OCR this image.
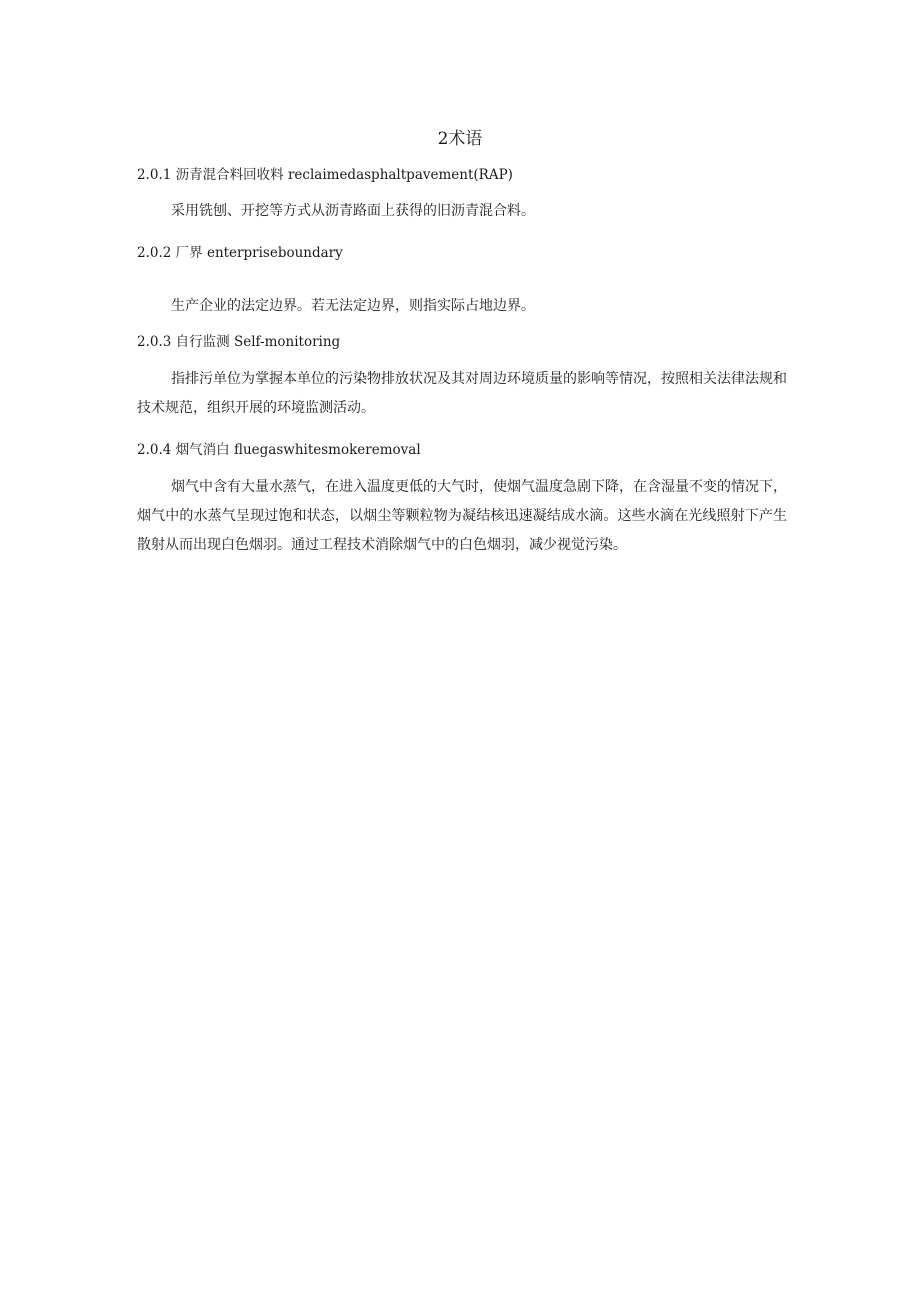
2术语
2.0.1 沥青混合料回收料 reclaimedasphaltpavement(RAP)

采用铣刨、开挖等方式从沥青路面上获得的旧沥青混合料。

2.0.2 厂界 enterpriseboundary

生产企业的法定边界。若无法定边界，则指实际占地边界。

2.0.3 自行监测 Self-monitoring

指排污单位为掌握本单位的污染物排放状况及其对周边环境质量的影响等情况，按照相关法律法规和技术规范，组织开展的环境监测活动。

2.0.4 烟气消白 fluegaswhitesmokeremoval

烟气中含有大量水蒸气，在进入温度更低的大气时，使烟气温度急剧下降，在含湿量不变的情况下，烟气中的水蒸气呈现过饱和状态，以烟尘等颗粒物为凝结核迅速凝结成水滴。这些水滴在光线照射下产生散射从而出现白色烟羽。通过工程技术消除烟气中的白色烟羽，减少视觉污染。
